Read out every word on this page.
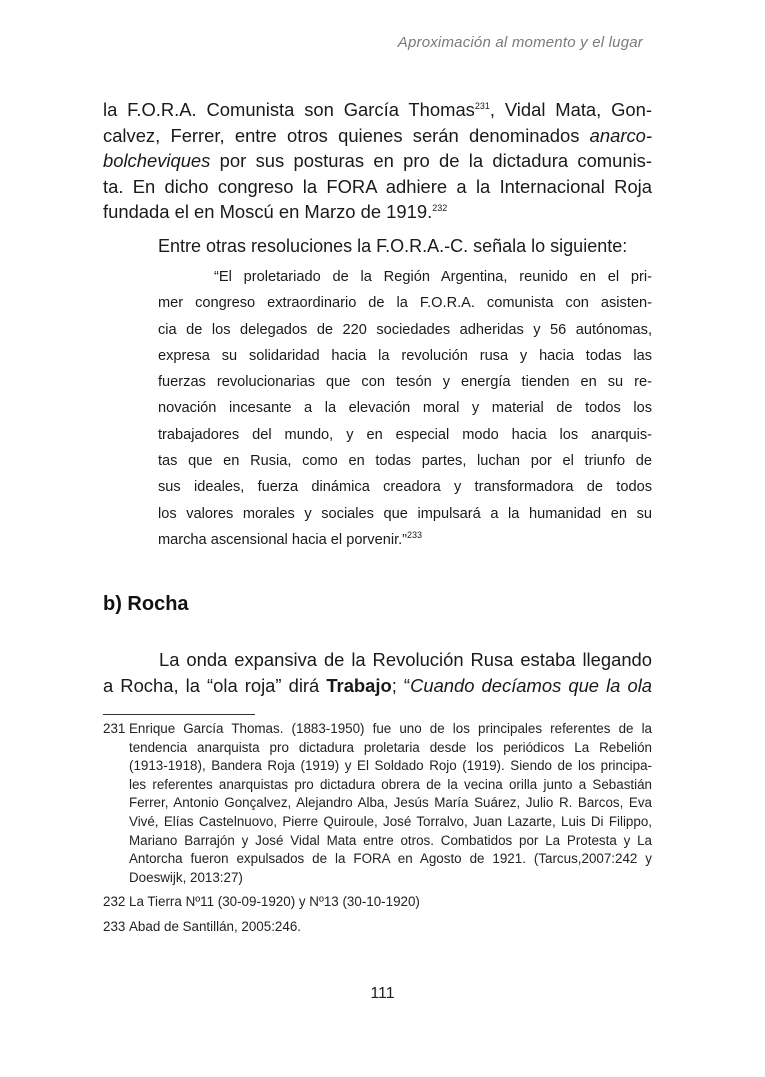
Aproximación al momento y el lugar
la F.O.R.A. Comunista son García Thomas$^{231}$, Vidal Mata, Gon-
calvez, Ferrer, entre otros quienes serán denominados anarco-
bolcheviques por sus posturas en pro de la dictadura comunis-
ta. En dicho congreso la FORA adhiere a la Internacional Roja
fundada el en Moscú en Marzo de 1919.$^{232}$
Entre otras resoluciones la F.O.R.A.-C. señala lo siguiente:
“El proletariado de la Región Argentina, reunido en el pri-
mer congreso extraordinario de la F.O.R.A. comunista con asisten-
cia de los delegados de 220 sociedades adheridas y 56 autónomas,
expresa su solidaridad hacia la revolución rusa y hacia todas las
fuerzas revolucionarias que con tesón y energía tienden en su re-
novación incesante a la elevación moral y material de todos los
trabajadores del mundo, y en especial modo hacia los anarquis-
tas que en Rusia, como en todas partes, luchan por el triunfo de
sus ideales, fuerza dinámica creadora y transformadora de todos
los valores morales y sociales que impulsará a la humanidad en su
marcha ascensional hacia el porvenir.”$^{233}$
b) Rocha
La onda expansiva de la Revolución Rusa estaba llegando
a Rocha, la “ola roja” dirá Trabajo; “Cuando decíamos que la ola
231 Enrique García Thomas. (1883-1950) fue uno de los principales referentes de la
tendencia anarquista pro dictadura proletaria desde los periódicos La Rebelión
(1913-1918), Bandera Roja (1919) y El Soldado Rojo (1919). Siendo de los principa-
les referentes anarquistas pro dictadura obrera de la vecina orilla junto a Sebastián
Ferrer, Antonio Gonçalvez, Alejandro Alba, Jesús María Suárez, Julio R. Barcos, Eva
Vivé, Elías Castelnuovo, Pierre Quiroule, José Torralvo, Juan Lazarte, Luis Di Filippo,
Mariano Barrajón y José Vidal Mata entre otros. Combatidos por La Protesta y La
Antorcha fueron expulsados de la FORA en Agosto de 1921. (Tarcus,2007:242 y
Doeswijk, 2013:27)
232 La Tierra Nº11 (30-09-1920) y Nº13 (30-10-1920)
233 Abad de Santillán, 2005:246.
111
